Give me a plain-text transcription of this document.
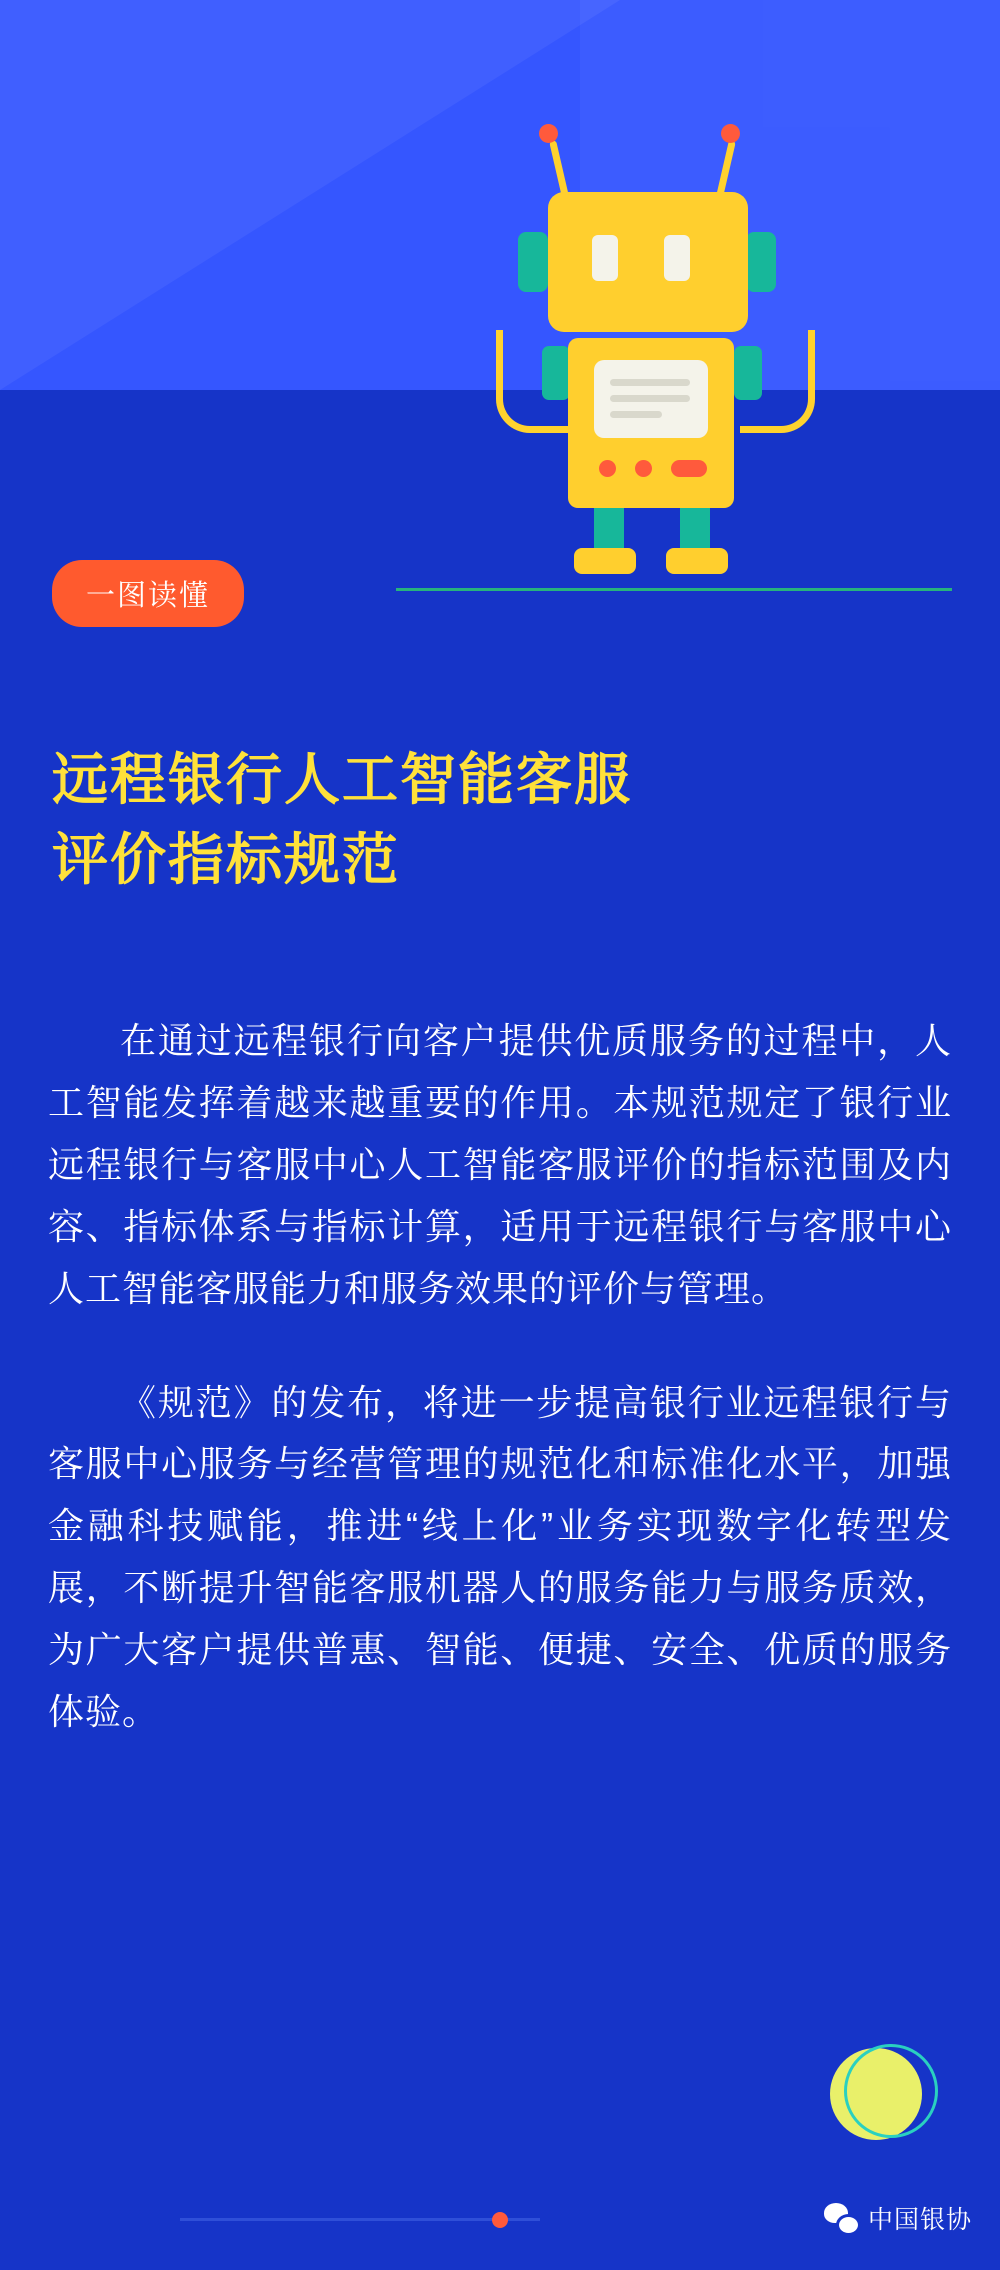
一图读懂
远程银行人工智能客服
评价指标规范

在通过远程银行向客户提供优质服务的过程中，人工智能发挥着越来越重要的作用。本规范规定了银行业远程银行与客服中心人工智能客服评价的指标范围及内容、指标体系与指标计算，适用于远程银行与客服中心人工智能客服能力和服务效果的评价与管理。

《规范》的发布，将进一步提高银行业远程银行与客服中心服务与经营管理的规范化和标准化水平，加强金融科技赋能，推进“线上化”业务实现数字化转型发展，不断提升智能客服机器人的服务能力与服务质效，为广大客户提供普惠、智能、便捷、安全、优质的服务体验。

中国银协
